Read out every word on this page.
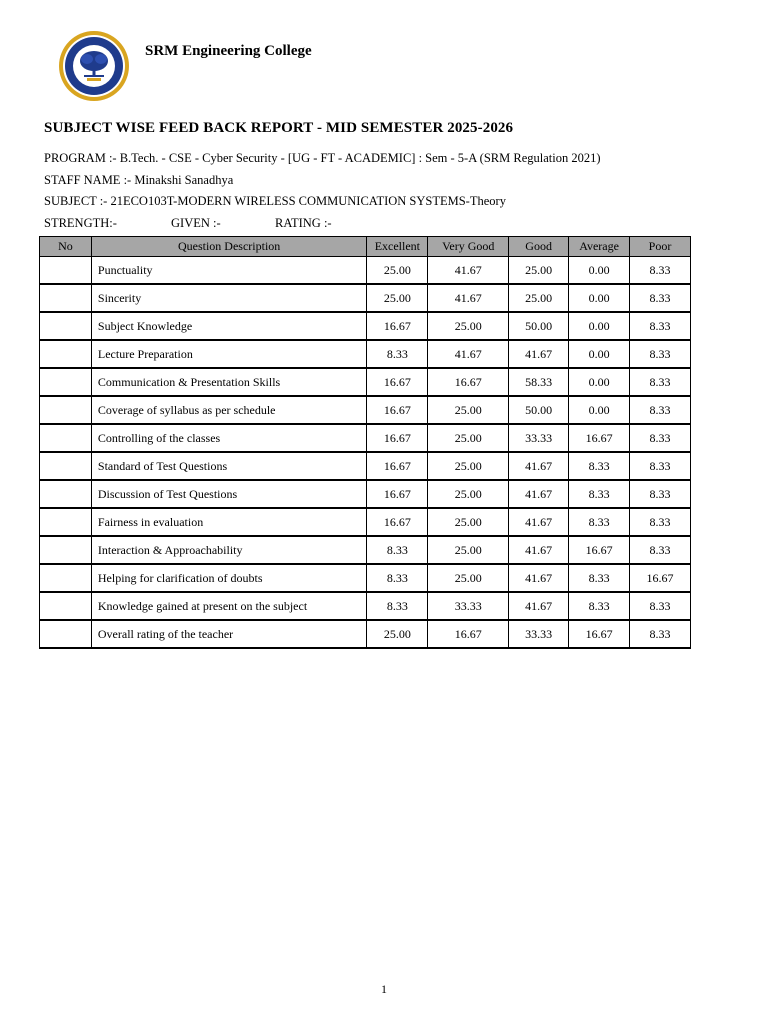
SRM Engineering College
SUBJECT WISE FEED BACK REPORT - MID SEMESTER 2025-2026
PROGRAM :- B.Tech. - CSE - Cyber Security - [UG - FT - ACADEMIC] : Sem - 5-A (SRM Regulation 2021)
STAFF NAME :- Minakshi Sanadhya
SUBJECT :- 21ECO103T-MODERN WIRELESS COMMUNICATION SYSTEMS-Theory
STRENGTH:-	GIVEN :-	RATING :-
No	Question Description	Excellent	Very Good	Good	Average	Poor
	Punctuality	25.00	41.67	25.00	0.00	8.33
	Sincerity	25.00	41.67	25.00	0.00	8.33
	Subject Knowledge	16.67	25.00	50.00	0.00	8.33
	Lecture Preparation	8.33	41.67	41.67	0.00	8.33
	Communication & Presentation Skills	16.67	16.67	58.33	0.00	8.33
	Coverage of syllabus as per schedule	16.67	25.00	50.00	0.00	8.33
	Controlling of the classes	16.67	25.00	33.33	16.67	8.33
	Standard of Test Questions	16.67	25.00	41.67	8.33	8.33
	Discussion of Test Questions	16.67	25.00	41.67	8.33	8.33
	Fairness in evaluation	16.67	25.00	41.67	8.33	8.33
	Interaction & Approachability	8.33	25.00	41.67	16.67	8.33
	Helping for clarification of doubts	8.33	25.00	41.67	8.33	16.67
	Knowledge gained at present on the subject	8.33	33.33	41.67	8.33	8.33
	Overall rating of the teacher	25.00	16.67	33.33	16.67	8.33
1
